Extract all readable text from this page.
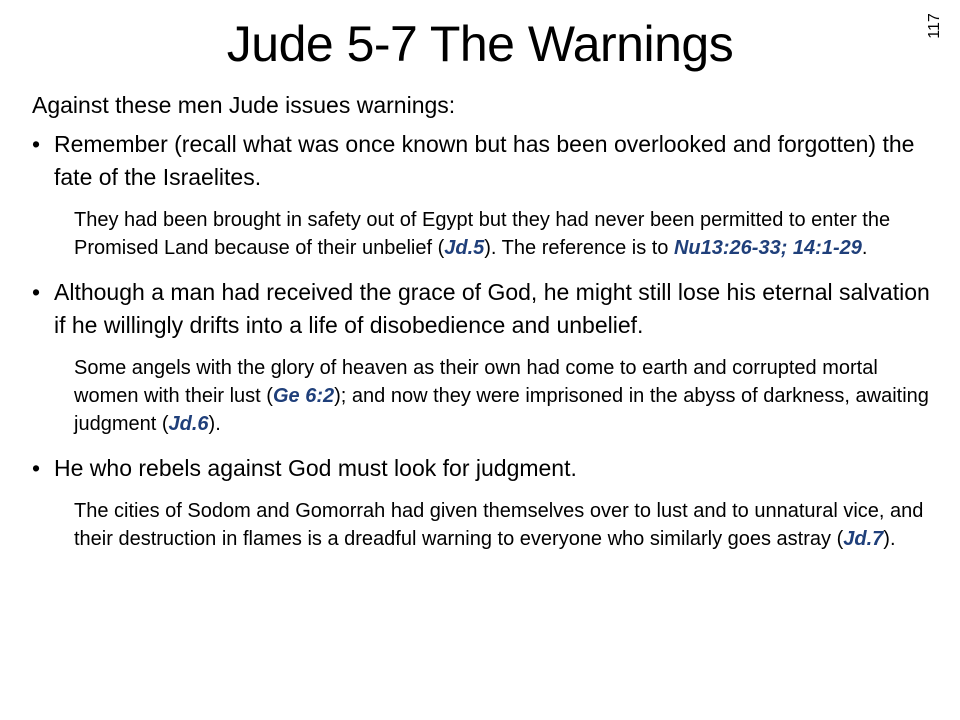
Jude 5-7 The Warnings	117

Against these men Jude issues warnings:

• Remember (recall what was once known but has been overlooked and forgotten) the fate of the Israelites.
They had been brought in safety out of Egypt but they had never been permitted to enter the Promised Land because of their unbelief (Jd.5). The reference is to Nu13:26-33; 14:1-29.
• Although a man had received the grace of God, he might still lose his eternal salvation if he willingly drifts into a life of disobedience and unbelief.
Some angels with the glory of heaven as their own had come to earth and corrupted mortal women with their lust (Ge 6:2); and now they were imprisoned in the abyss of darkness, awaiting judgment (Jd.6).
• He who rebels against God must look for judgment.
The cities of Sodom and Gomorrah had given themselves over to lust and to unnatural vice, and their destruction in flames is a dreadful warning to everyone who similarly goes astray (Jd.7).
